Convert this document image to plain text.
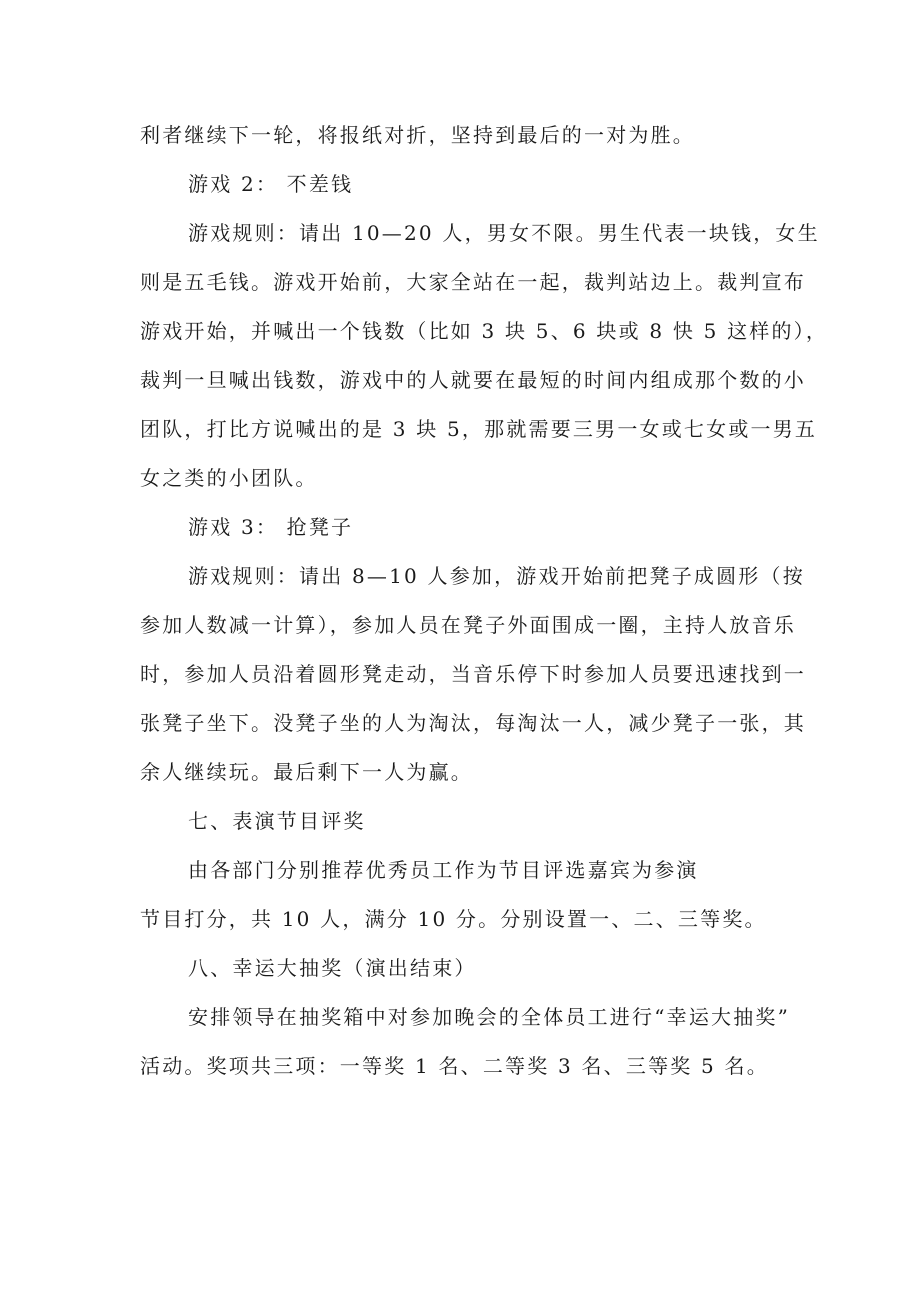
利者继续下一轮，将报纸对折，坚持到最后的一对为胜。
游戏 2： 不差钱
游戏规则：请出 10—20 人，男女不限。男生代表一块钱，女生
则是五毛钱。游戏开始前，大家全站在一起，裁判站边上。裁判宣布
游戏开始，并喊出一个钱数（比如 3 块 5、6 块或 8 快 5 这样的），
裁判一旦喊出钱数，游戏中的人就要在最短的时间内组成那个数的小
团队，打比方说喊出的是 3 块 5，那就需要三男一女或七女或一男五
女之类的小团队。
游戏 3： 抢凳子
游戏规则：请出 8—10 人参加，游戏开始前把凳子成圆形（按
参加人数减一计算），参加人员在凳子外面围成一圈，主持人放音乐
时，参加人员沿着圆形凳走动，当音乐停下时参加人员要迅速找到一
张凳子坐下。没凳子坐的人为淘汰，每淘汰一人，减少凳子一张，其
余人继续玩。最后剩下一人为赢。
七、表演节目评奖
由各部门分别推荐优秀员工作为节目评选嘉宾为参演
节目打分，共 10 人，满分 10 分。分别设置一、二、三等奖。
八、幸运大抽奖（演出结束）
安排领导在抽奖箱中对参加晚会的全体员工进行“幸运大抽奖”
活动。奖项共三项：一等奖 1 名、二等奖 3 名、三等奖 5 名。
